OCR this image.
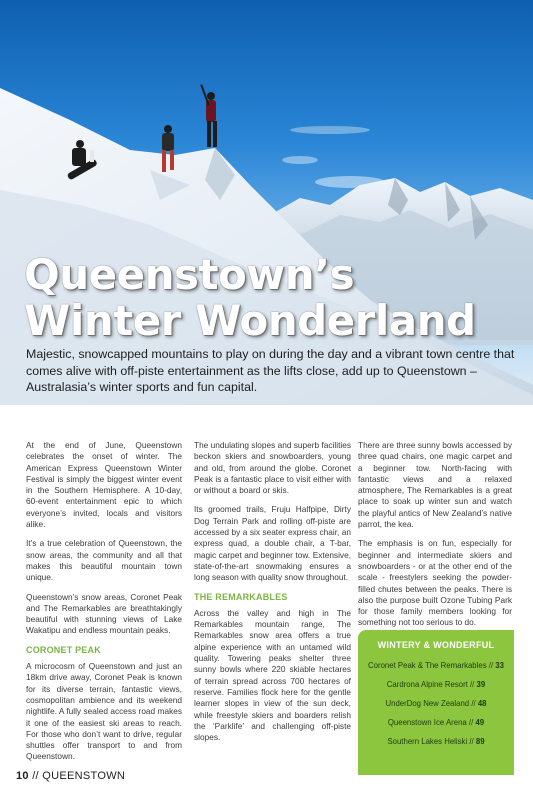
Queenstown’s
Winter Wonderland

Majestic, snowcapped mountains to play on during the day and a vibrant town centre that comes alive with off-piste entertainment as the lifts close, add up to Queenstown – Australasia’s winter sports and fun capital.

At the end of June, Queenstown celebrates the onset of winter. The American Express Queenstown Winter Festival is simply the biggest winter event in the Southern Hemisphere. A 10-day, 60-event entertainment epic to which everyone’s invited, locals and visitors alike.

It’s a true celebration of Queenstown, the snow areas, the community and all that makes this beautiful mountain town unique.

Queenstown’s snow areas, Coronet Peak and The Remarkables are breathtakingly beautiful with stunning views of Lake Wakatipu and endless mountain peaks.

CORONET PEAK

A microcosm of Queenstown and just an 18km drive away, Coronet Peak is known for its diverse terrain, fantastic views, cosmopolitan ambience and its weekend nightlife. A fully sealed access road makes it one of the easiest ski areas to reach. For those who don’t want to drive, regular shuttles offer transport to and from Queenstown.

The undulating slopes and superb facilities beckon skiers and snowboarders, young and old, from around the globe. Coronet Peak is a fantastic place to visit either with or without a board or skis.

Its groomed trails, Fruju Halfpipe, Dirty Dog Terrain Park and rolling off-piste are accessed by a six seater express chair, an express quad, a double chair, a T-bar, magic carpet and beginner tow. Extensive, state-of-the-art snowmaking ensures a long season with quality snow throughout.

THE REMARKABLES

Across the valley and high in The Remarkables mountain range, The Remarkables snow area offers a true alpine experience with an untamed wild quality. Towering peaks shelter three sunny bowls where 220 skiable hectares of terrain spread across 700 hectares of reserve. Families flock here for the gentle learner slopes in view of the sun deck, while freestyle skiers and boarders relish the ‘Parklife’ and challenging off-piste slopes.

There are three sunny bowls accessed by three quad chairs, one magic carpet and a beginner tow. North-facing with fantastic views and a relaxed atmosphere, The Remarkables is a great place to soak up winter sun and watch the playful antics of New Zealand’s native parrot, the kea.

The emphasis is on fun, especially for beginner and intermediate skiers and snowboarders - or at the other end of the scale - freestylers seeking the powder-filled chutes between the peaks. There is also the purpose built Ozone Tubing Park for those family members looking for something not too serious to do.

WINTERY & WONDERFUL
Coronet Peak & The Remarkables // 33
Cardrona Alpine Resort // 39
UnderDog New Zealand // 48
Queenstown Ice Arena // 49
Southern Lakes Heliski // 89
10 // QUEENSTOWN
